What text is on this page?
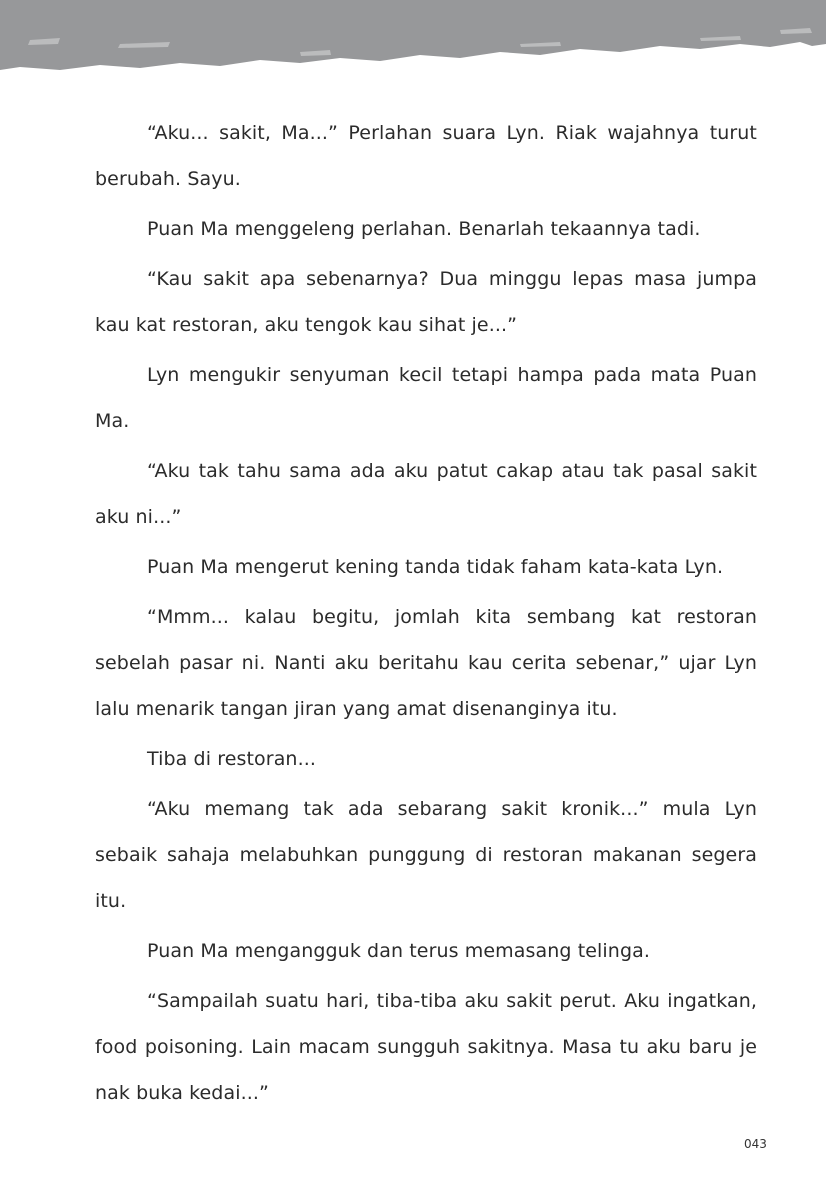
“Aku... sakit, Ma...” Perlahan suara Lyn. Riak wajahnya turut berubah. Sayu.

Puan Ma menggeleng perlahan. Benarlah tekaannya tadi.

“Kau sakit apa sebenarnya? Dua minggu lepas masa jumpa kau kat restoran, aku tengok kau sihat je...”

Lyn mengukir senyuman kecil tetapi hampa pada mata Puan Ma.

“Aku tak tahu sama ada aku patut cakap atau tak pasal sakit aku ni...”

Puan Ma mengerut kening tanda tidak faham kata-kata Lyn.

“Mmm... kalau begitu, jomlah kita sembang kat restoran sebelah pasar ni. Nanti aku beritahu kau cerita sebenar,” ujar Lyn lalu menarik tangan jiran yang amat disenanginya itu.

Tiba di restoran...

“Aku memang tak ada sebarang sakit kronik...” mula Lyn sebaik sahaja melabuhkan punggung di restoran makanan segera itu.

Puan Ma mengangguk dan terus memasang telinga.

“Sampailah suatu hari, tiba-tiba aku sakit perut. Aku ingatkan, food poisoning. Lain macam sungguh sakitnya. Masa tu aku baru je nak buka kedai...”

043
